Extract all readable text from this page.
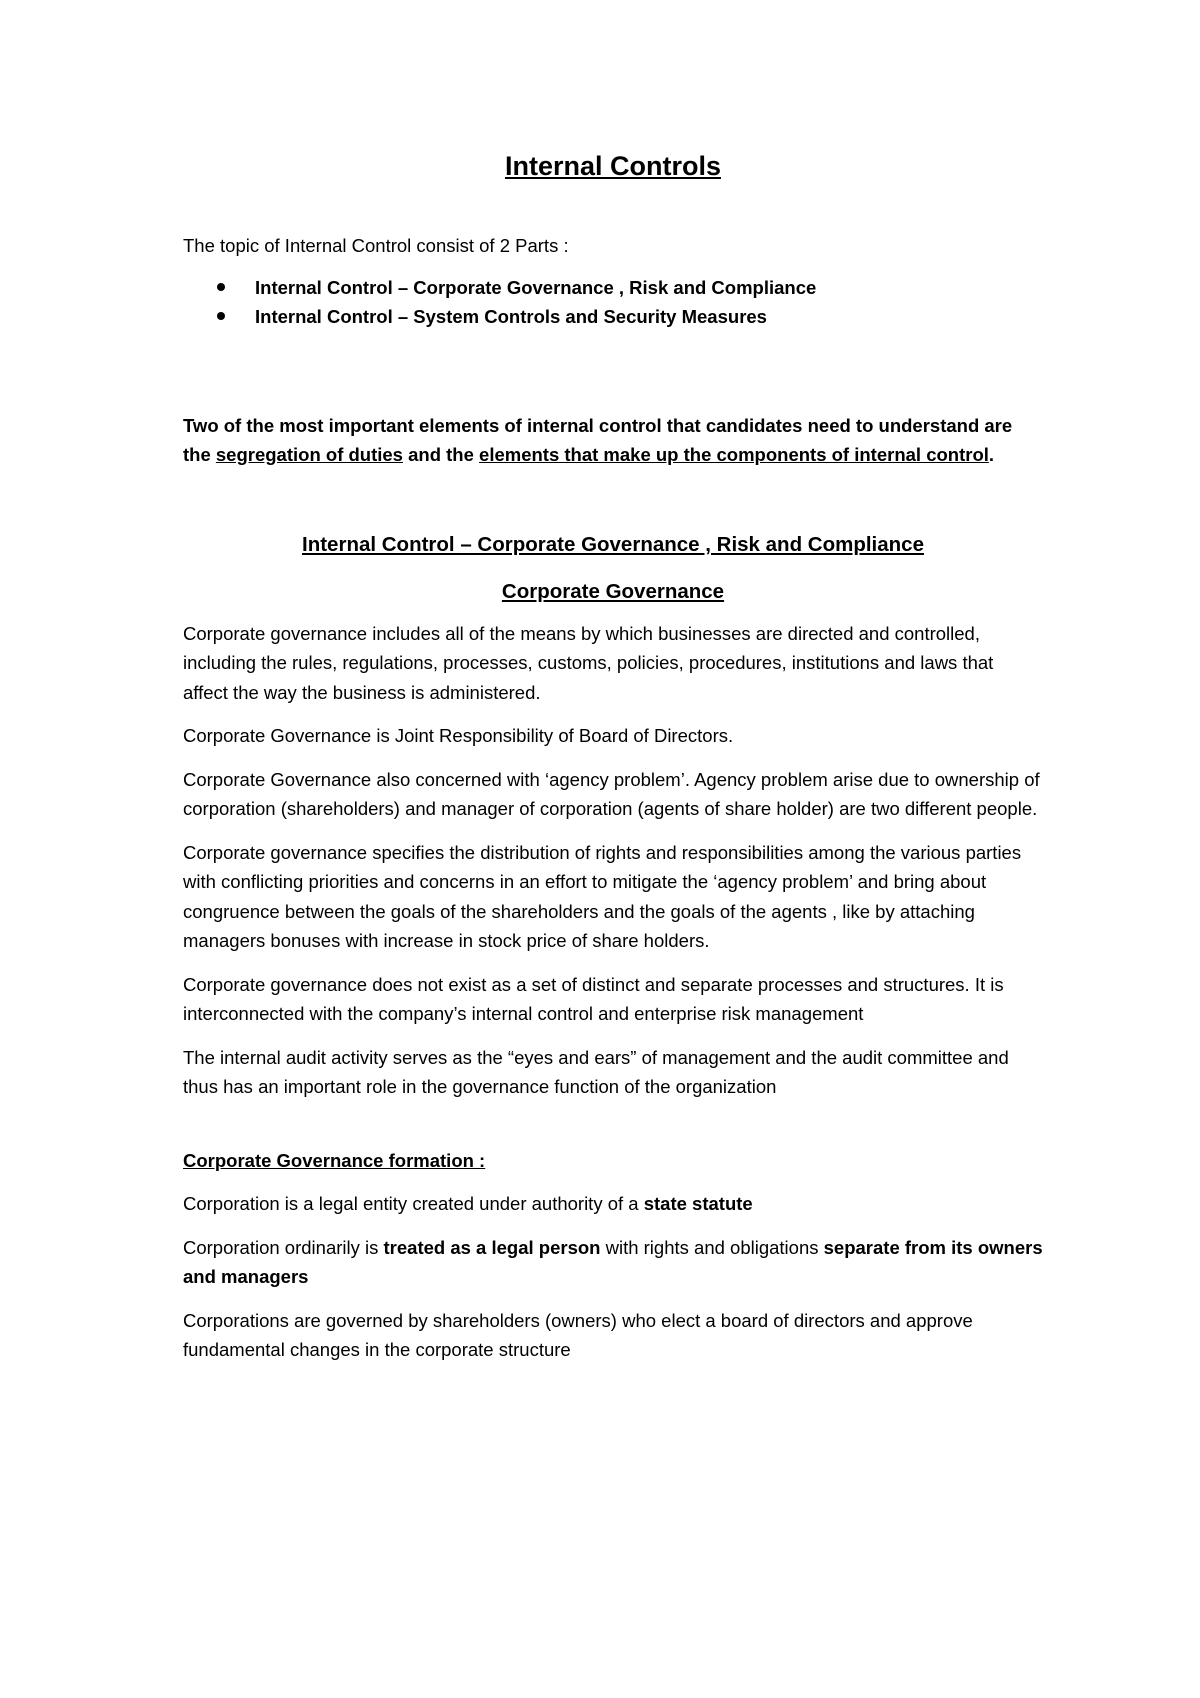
Internal Controls

The topic of Internal Control consist of 2 Parts :

Internal Control – Corporate Governance , Risk and Compliance
Internal Control – System Controls and Security Measures

Two of the most important elements of internal control that candidates need to understand are the segregation of duties and the elements that make up the components of internal control.

Internal Control – Corporate Governance , Risk and Compliance
Corporate Governance

Corporate governance includes all of the means by which businesses are directed and controlled, including the rules, regulations, processes, customs, policies, procedures, institutions and laws that affect the way the business is administered.

Corporate Governance is Joint Responsibility of Board of Directors.

Corporate Governance also concerned with ‘agency problem’. Agency problem arise due to ownership of corporation (shareholders) and manager of corporation (agents of share holder) are two different people.

Corporate governance specifies the distribution of rights and responsibilities among the various parties with conflicting priorities and concerns in an effort to mitigate the ‘agency problem’ and bring about congruence between the goals of the shareholders and the goals of the agents , like by attaching managers bonuses with increase in stock price of share holders.

Corporate governance does not exist as a set of distinct and separate processes and structures. It is interconnected with the company’s internal control and enterprise risk management

The internal audit activity serves as the “eyes and ears” of management and the audit committee and thus has an important role in the governance function of the organization

Corporate Governance formation :

Corporation is a legal entity created under authority of a state statute

Corporation ordinarily is treated as a legal person with rights and obligations separate from its owners and managers

Corporations are governed by shareholders (owners) who elect a board of directors and approve fundamental changes in the corporate structure
